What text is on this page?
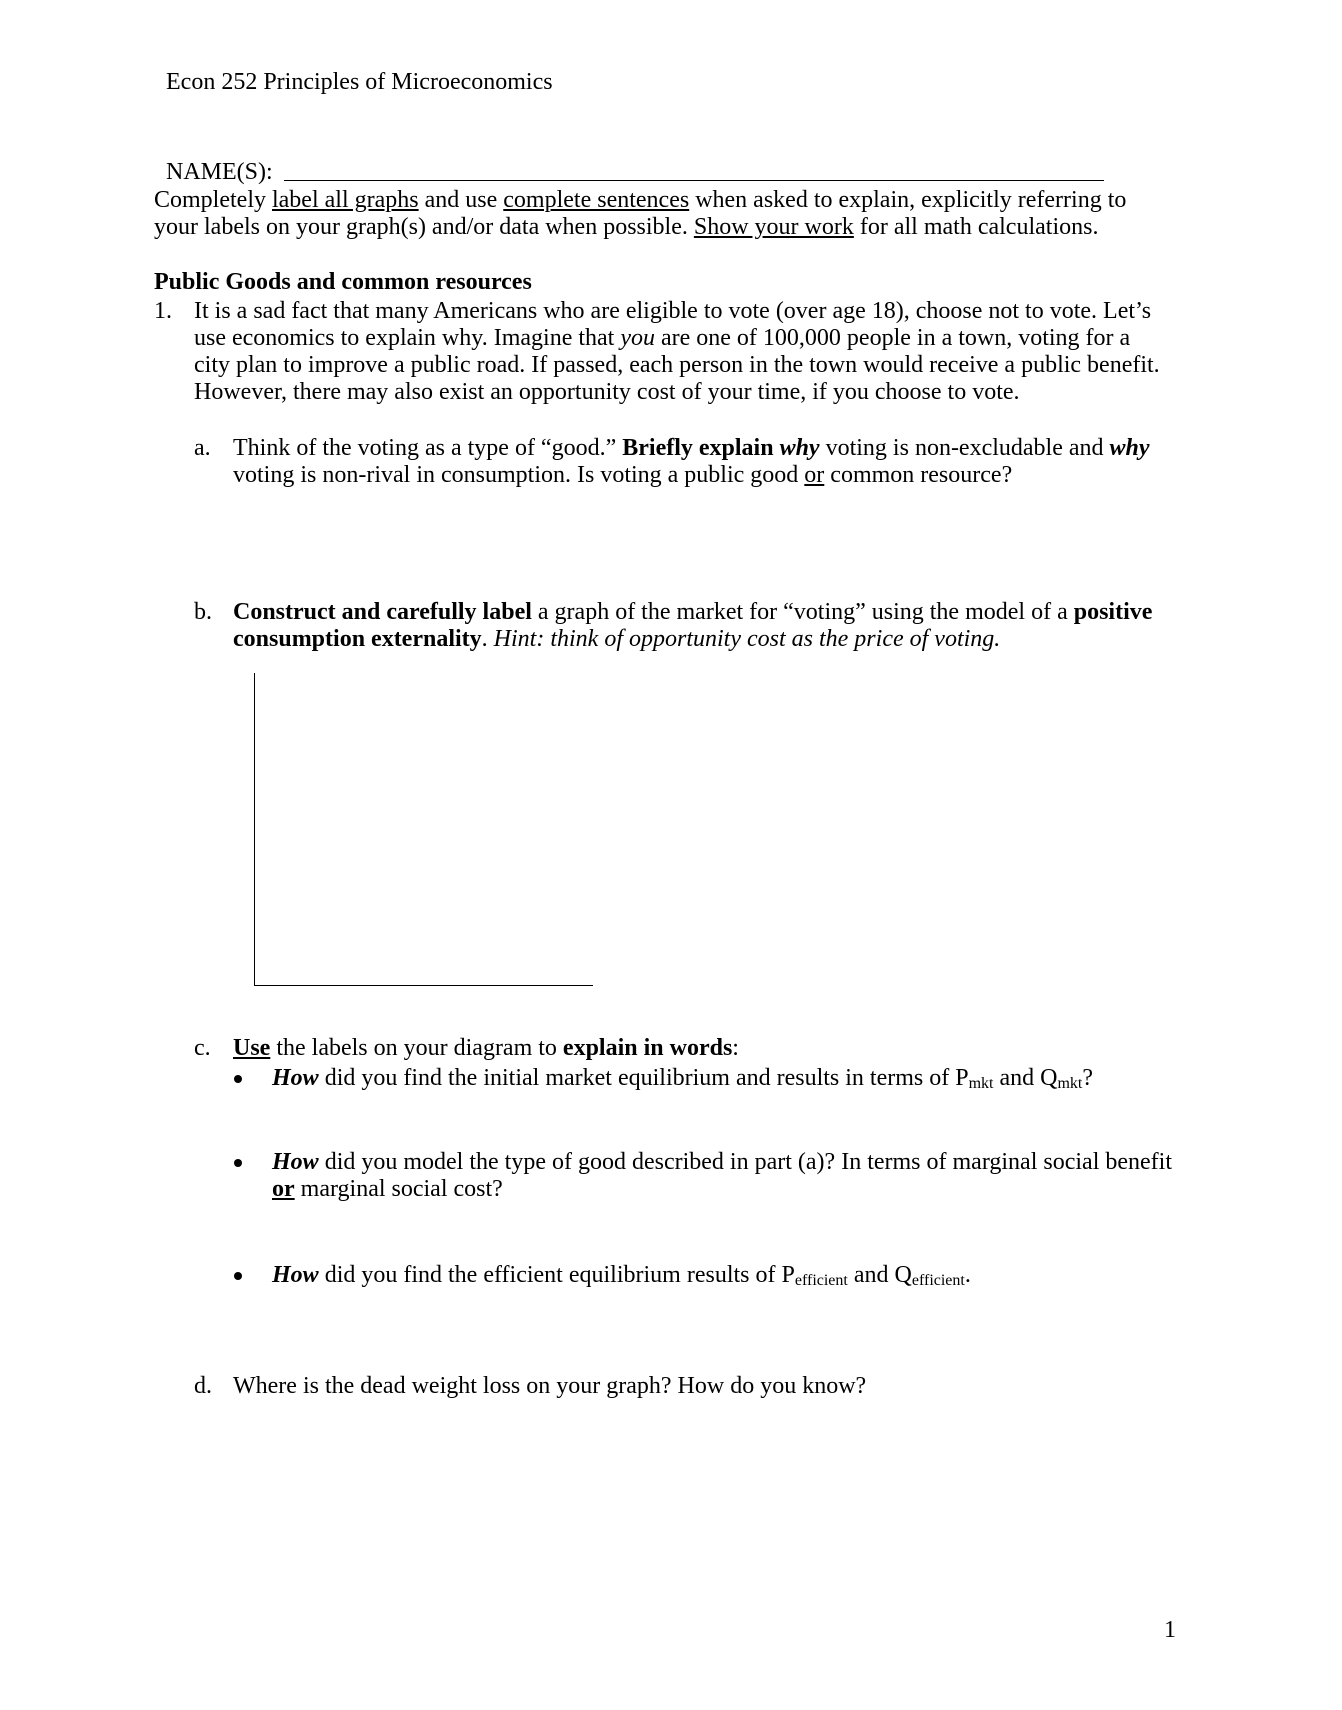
Econ 252 Principles of Microeconomics
NAME(S):
Completely label all graphs and use complete sentences when asked to explain, explicitly referring to
your labels on your graph(s) and/or data when possible. Show your work for all math calculations.
Public Goods and common resources
1. It is a sad fact that many Americans who are eligible to vote (over age 18), choose not to vote. Let’s
use economics to explain why. Imagine that you are one of 100,000 people in a town, voting for a
city plan to improve a public road. If passed, each person in the town would receive a public benefit.
However, there may also exist an opportunity cost of your time, if you choose to vote.
a. Think of the voting as a type of “good.” Briefly explain why voting is non-excludable and why
voting is non-rival in consumption. Is voting a public good or common resource?
b. Construct and carefully label a graph of the market for “voting” using the model of a positive
consumption externality. Hint: think of opportunity cost as the price of voting.
c. Use the labels on your diagram to explain in words:
How did you find the initial market equilibrium and results in terms of $P_{mkt}$ and $Q_{mkt}$?
How did you model the type of good described in part (a)? In terms of marginal social benefit
or marginal social cost?
How did you find the efficient equilibrium results of $P_{efficient}$ and $Q_{efficient}$.
d. Where is the dead weight loss on your graph? How do you know?
1
